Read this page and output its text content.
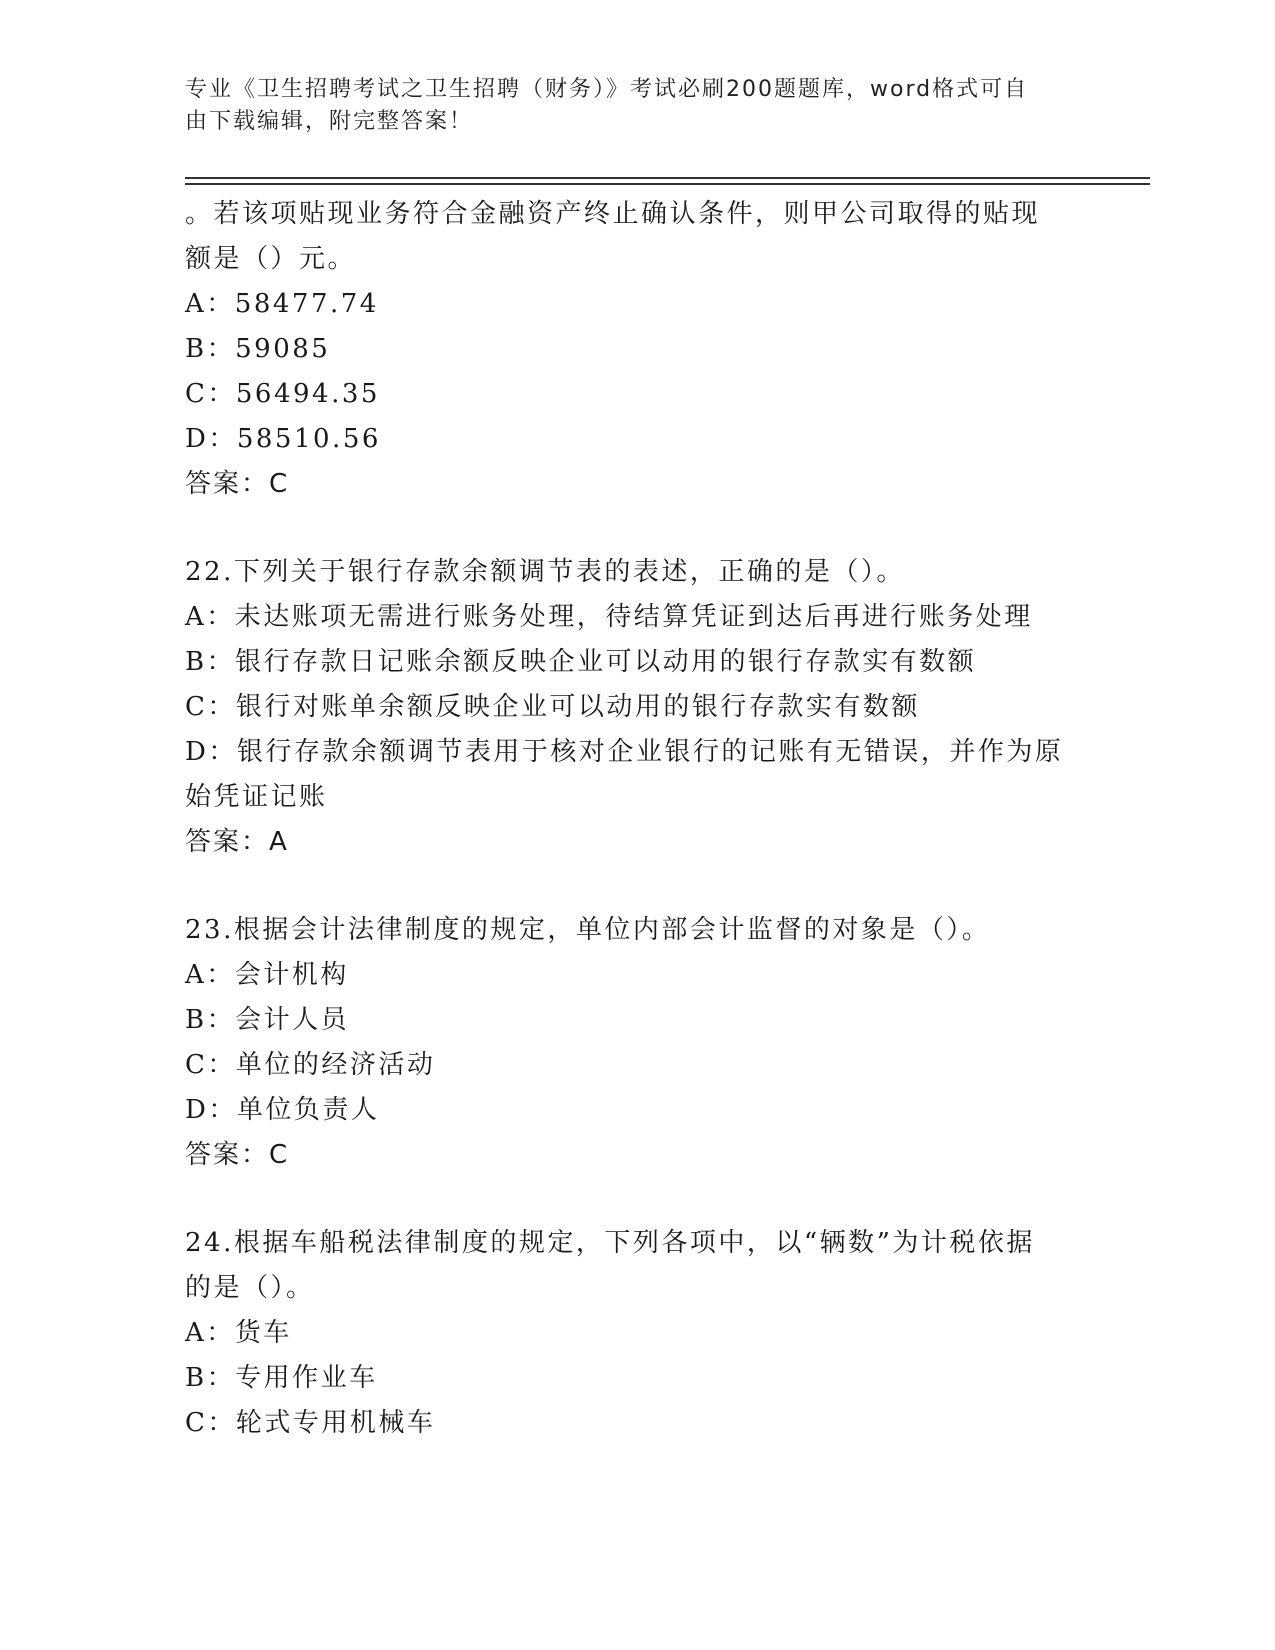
专业《卫生招聘考试之卫生招聘（财务）》考试必刷200题题库，word格式可自
由下载编辑，附完整答案！
。若该项贴现业务符合金融资产终止确认条件，则甲公司取得的贴现
额是（）元。
A：58477.74
B：59085
C：56494.35
D：58510.56
答案：C
22.下列关于银行存款余额调节表的表述，正确的是（）。
A：未达账项无需进行账务处理，待结算凭证到达后再进行账务处理
B：银行存款日记账余额反映企业可以动用的银行存款实有数额
C：银行对账单余额反映企业可以动用的银行存款实有数额
D：银行存款余额调节表用于核对企业银行的记账有无错误，并作为原
始凭证记账
答案：A
23.根据会计法律制度的规定，单位内部会计监督的对象是（）。
A：会计机构
B：会计人员
C：单位的经济活动
D：单位负责人
答案：C
24.根据车船税法律制度的规定，下列各项中，以“辆数”为计税依据
的是（）。
A：货车
B：专用作业车
C：轮式专用机械车
